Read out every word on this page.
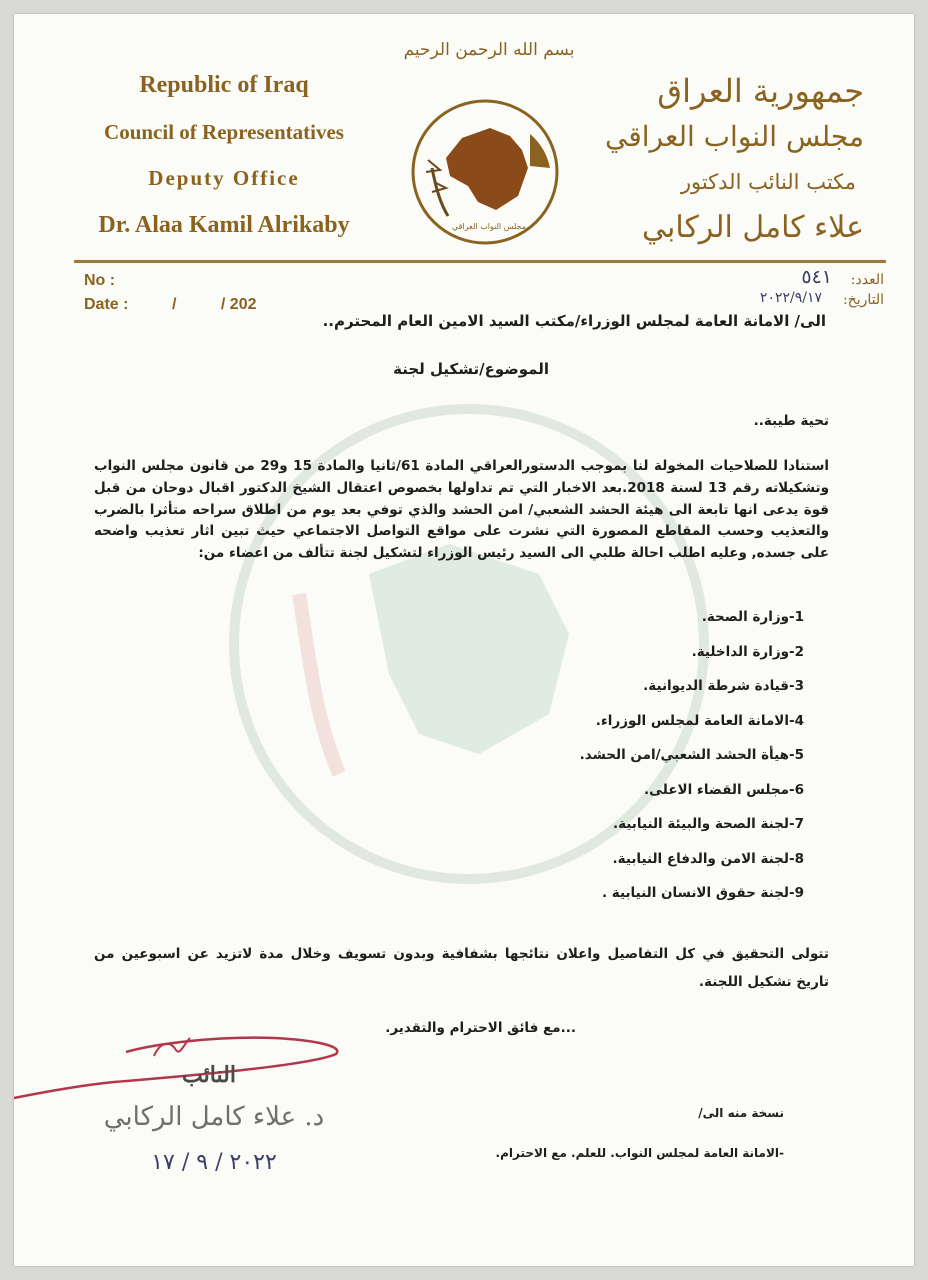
بسم الله الرحمن الرحيم
Republic of Iraq
Council of Representatives
Deputy Office
Dr. Alaa Kamil Alrikaby	مجلس النواب العراقي
جمهورية العراق
مجلس النواب العراقي
مكتب النائب الدكتور
علاء كامل الركابي
No :
Date :	/          / 202
العدد:
٥٤١
التاريخ:
٢٠٢٢/٩/١٧
الى/ الامانة العامة لمجلس الوزراء/مكتب السيد الامين العام المحترم..
الموضوع/تشكيل لجنة
تحية طيبة..
استنادا للصلاحيات المخولة لنا بموجب الدستورالعراقي المادة 61/ثانيا والمادة 15 و29 من قانون مجلس النواب وتشكيلاته رقم 13 لسنة 2018.بعد الاخبار التي تم تداولها بخصوص اعتقال الشيخ الدكتور اقبال دوحان من قبل قوة يدعى انها تابعة الى هيئة الحشد الشعبي/ امن الحشد والذي توفي بعد يوم من اطلاق سراحه متأثرا بالضرب والتعذيب وحسب المقاطع المصورة التي نشرت على مواقع التواصل الاجتماعي حيث تبين اثار تعذيب واضحه على جسده, وعليه اطلب احالة طلبي الى السيد رئيس الوزراء لتشكيل لجنة تتألف من اعضاء من:
1-وزارة الصحة.
2-وزارة الداخلية.
3-قيادة شرطة الديوانية.
4-الامانة العامة لمجلس الوزراء.
5-هيأة الحشد الشعبي/امن الحشد.
6-مجلس القضاء الاعلى.
7-لجنة الصحة والبيئة النيابية.
8-لجنة الامن والدفاع النيابية.
9-لجنة حقوق الانسان النيابية .
تتولى التحقيق في كل التفاصيل واعلان نتائجها بشفافية وبدون تسويف وخلال مدة لاتزيد عن اسبوعين من تاريخ تشكيل اللجنة.
...مع فائق الاحترام والتقدير.
نسخة منه الى/
-الامانة العامة لمجلس النواب. للعلم. مع الاحترام.
النائب
د. علاء كامل الركابي
٢٠٢٢ / ٩ / ١٧
